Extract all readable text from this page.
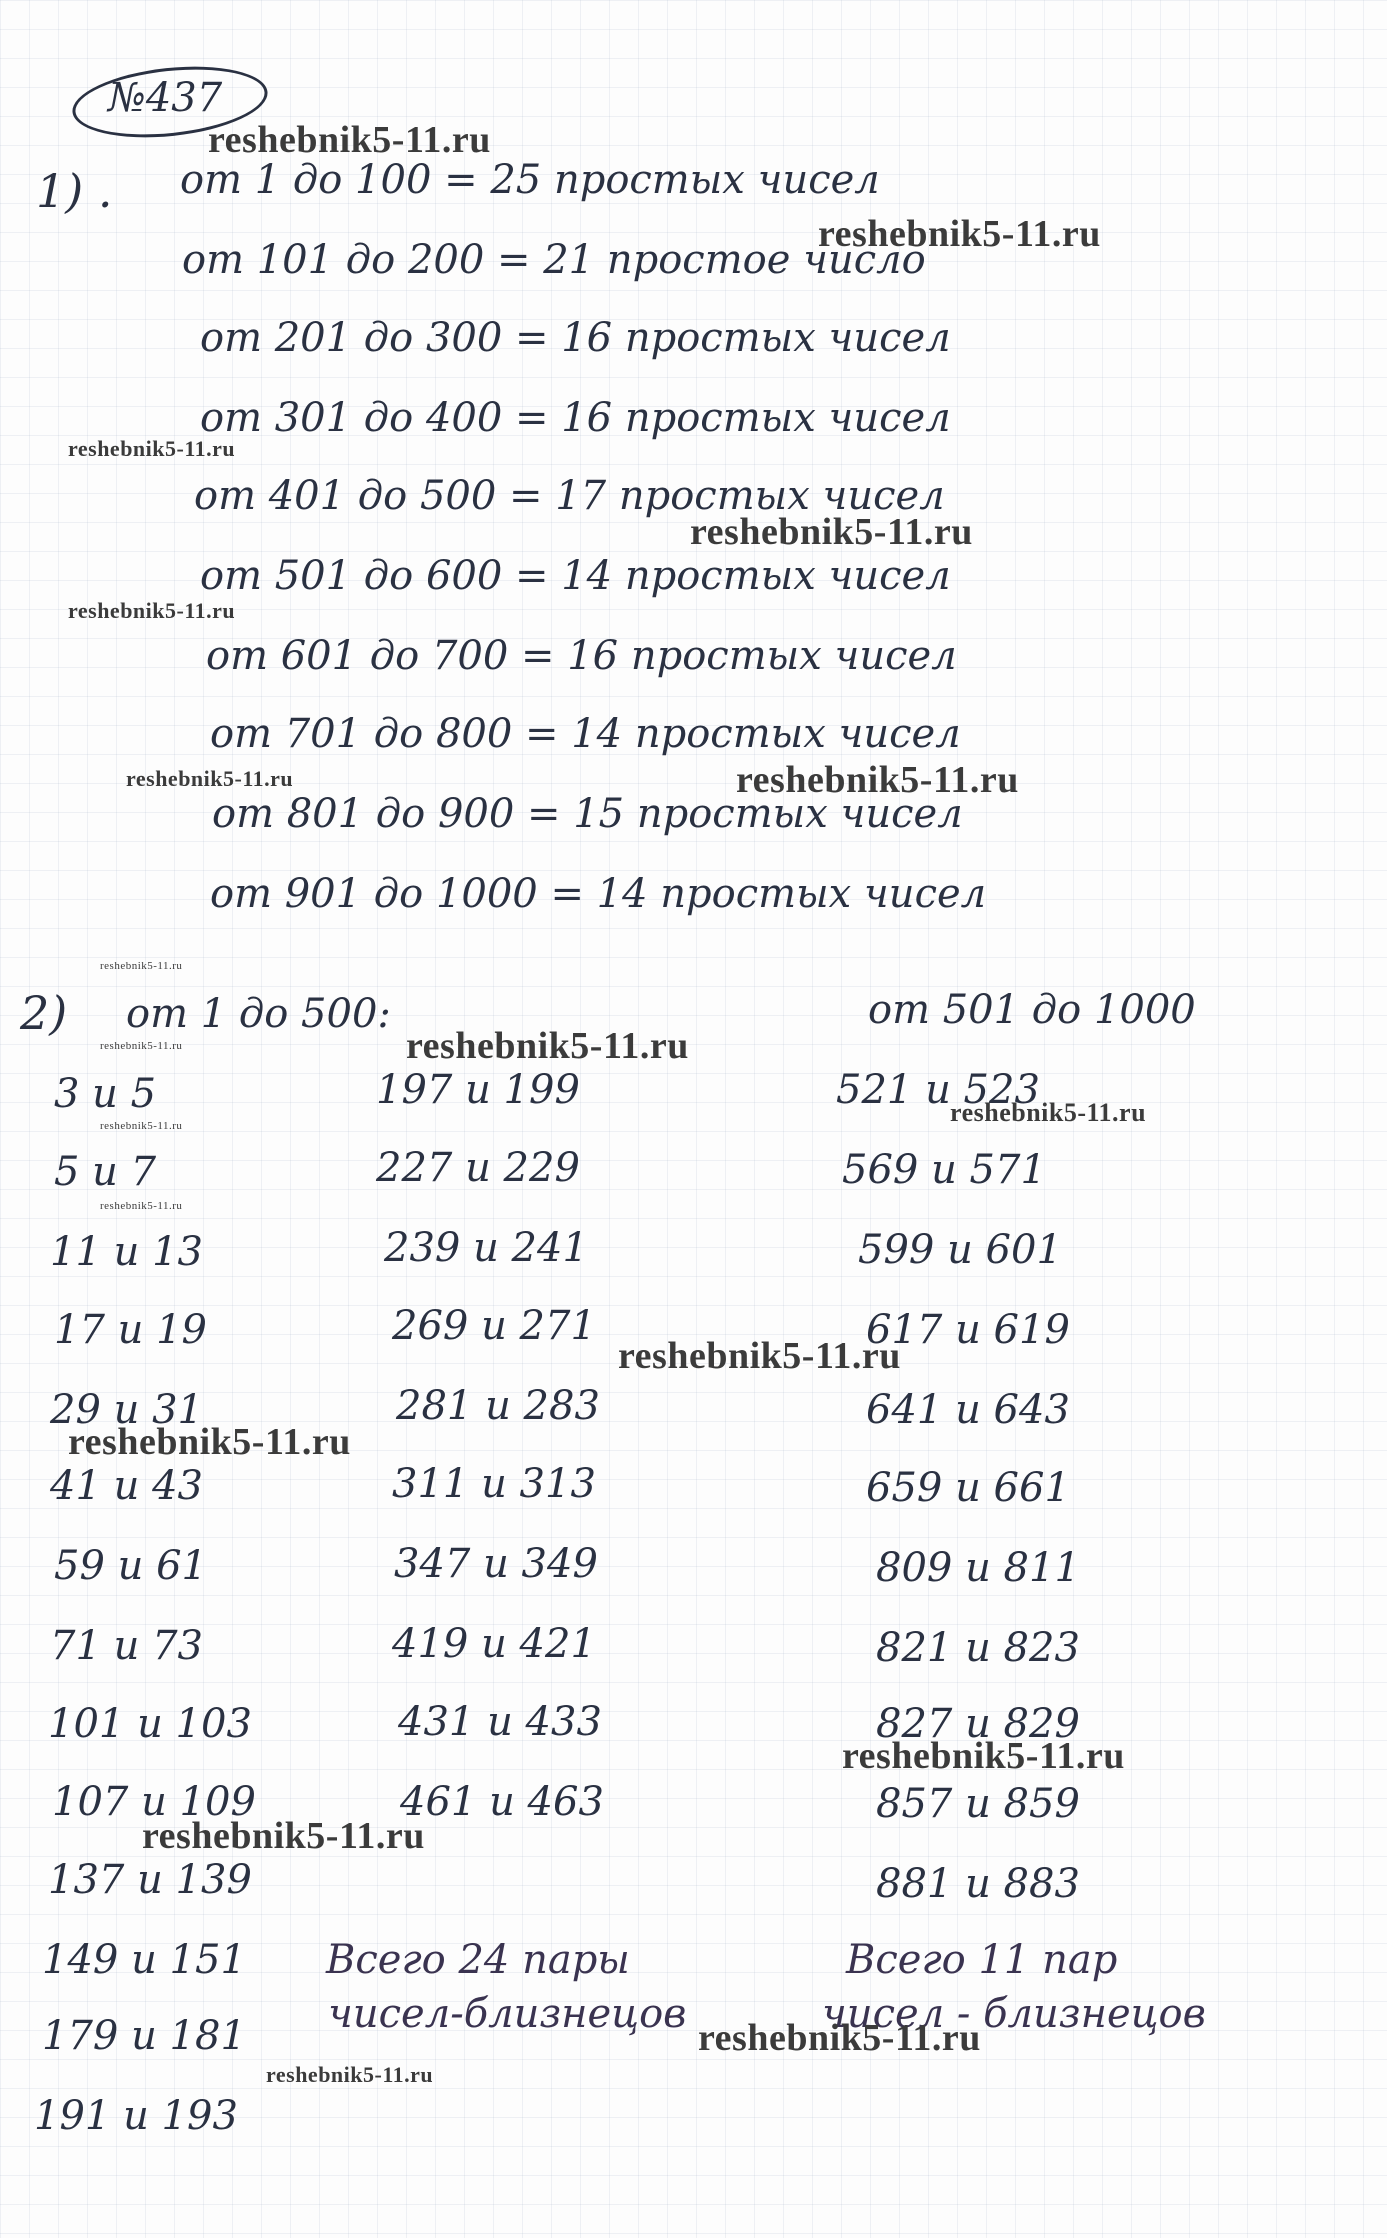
№437
1) . от 1 до 100 = 25 простых чисел
от 101 до 200 = 21 простое число
от 201 до 300 = 16 простых чисел
от 301 до 400 = 16 простых чисел
от 401 до 500 = 17 простых чисел
от 501 до 600 = 14 простых чисел
от 601 до 700 = 16 простых чисел
от 701 до 800 = 14 простых чисел
от 801 до 900 = 15 простых чисел
от 901 до 1000 = 14 простых чисел
2) от 1 до 500:	от 501 до 1000
3 и 5
5 и 7
11 и 13
17 и 19
29 и 31
41 и 43
59 и 61
71 и 73
101 и 103
107 и 109
137 и 139
149 и 151
179 и 181
191 и 193
197 и 199
227 и 229
239 и 241
269 и 271
281 и 283
311 и 313
347 и 349
419 и 421
431 и 433
461 и 463
521 и 523
569 и 571
599 и 601
617 и 619
641 и 643
659 и 661
809 и 811
821 и 823
827 и 829
857 и 859
881 и 883
Всего 24 пары
чисел-близнецов
Всего 11 пар
чисел - близнецов
reshebnik5-11.ru
reshebnik5-11.ru
reshebnik5-11.ru
reshebnik5-11.ru
reshebnik5-11.ru
reshebnik5-11.ru	reshebnik5-11.ru
reshebnik5-11.ru
reshebnik5-11.ru	reshebnik5-11.ru
reshebnik5-11.ru
reshebnik5-11.ru
reshebnik5-11.ru
reshebnik5-11.ru
reshebnik5-11.ru
reshebnik5-11.ru
reshebnik5-11.ru
reshebnik5-11.ru
reshebnik5-11.ru
